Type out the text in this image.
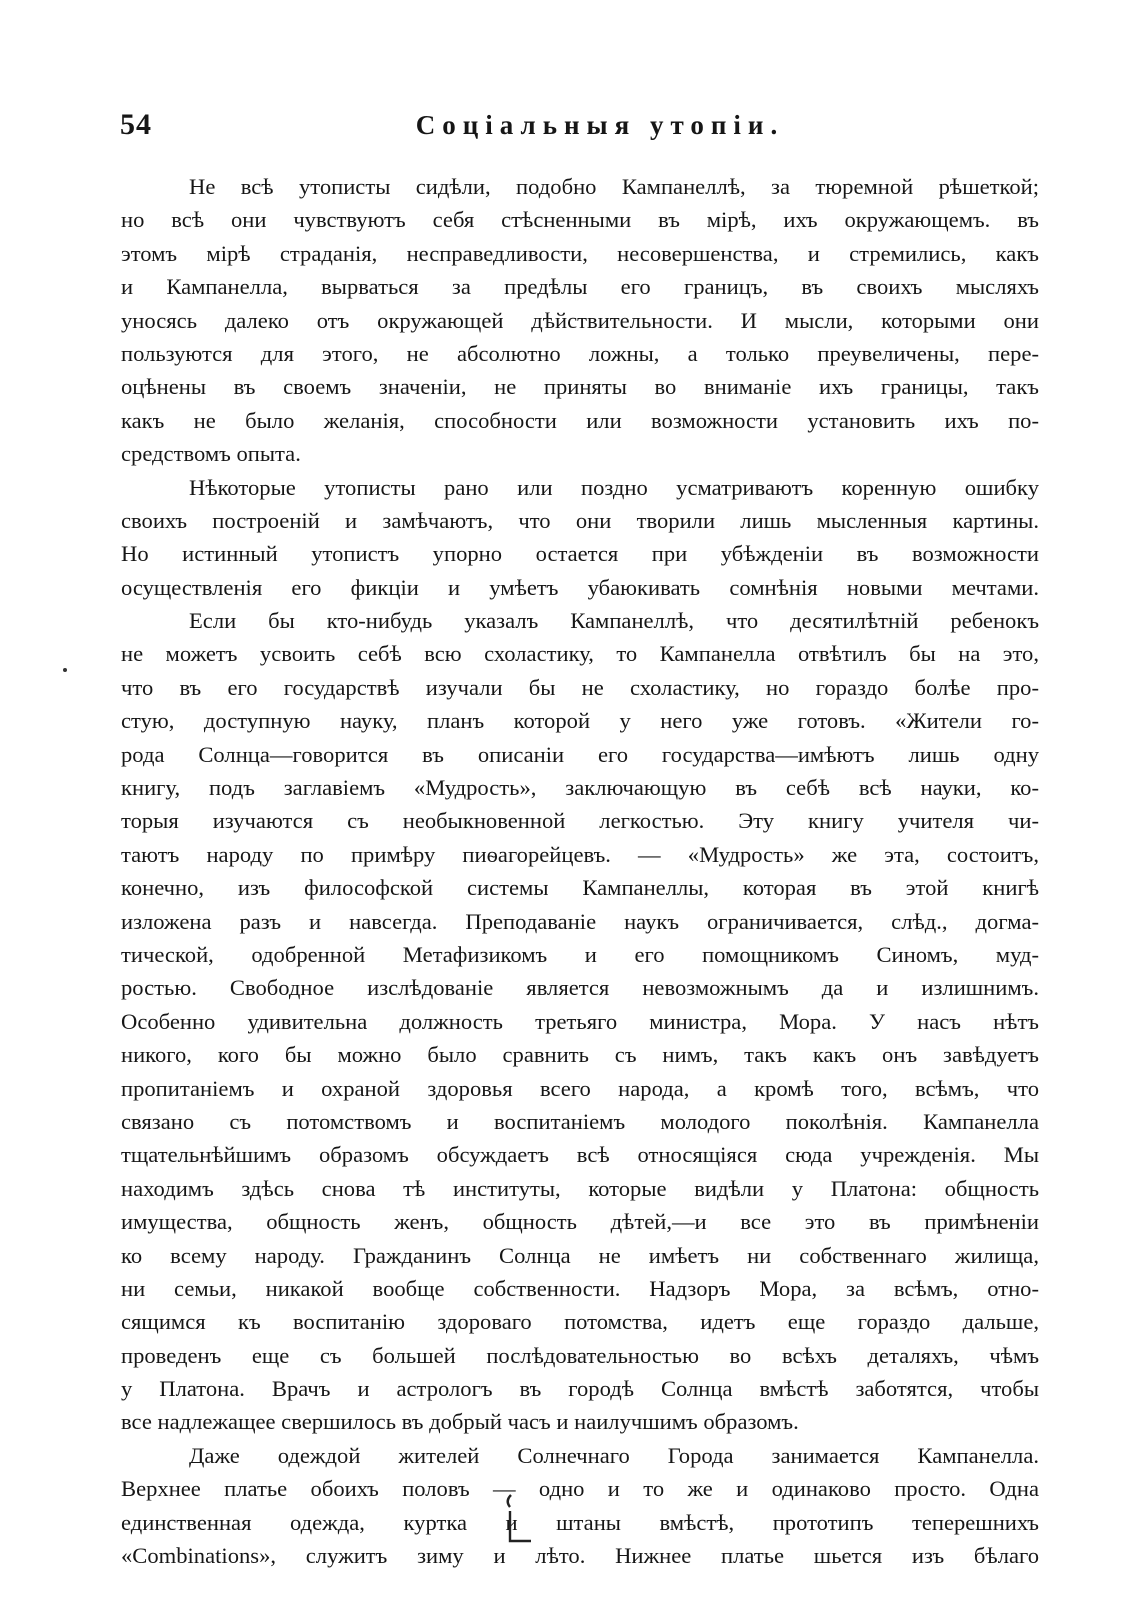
54	Соціальныя утопіи.
Не всѣ утописты сидѣли, подобно Кампанеллѣ, за тюремной рѣшеткой;
но всѣ они чувствуютъ себя стѣсненными въ мірѣ, ихъ окружающемъ. въ
этомъ мірѣ страданія, несправедливости, несовершенства, и стремились, какъ
и Кампанелла, вырваться за предѣлы его границъ, въ своихъ мысляхъ
уносясь далеко отъ окружающей дѣйствительности. И мысли, которыми они
пользуются для этого, не абсолютно ложны, а только преувеличены, пере-
оцѣнены въ своемъ значеніи, не приняты во вниманіе ихъ границы, такъ
какъ не было желанія, способности или возможности установить ихъ по-
средствомъ опыта.
Нѣкоторые утописты рано или поздно усматриваютъ коренную ошибку
своихъ построеній и замѣчаютъ, что они творили лишь мысленныя картины.
Но истинный утопистъ упорно остается при убѣжденіи въ возможности
осуществленія его фикціи и умѣетъ убаюкивать сомнѣнія новыми мечтами.
Если бы кто-нибудь указалъ Кампанеллѣ, что десятилѣтній ребенокъ
не можетъ усвоить себѣ всю схоластику, то Кампанелла отвѣтилъ бы на это,
что въ его государствѣ изучали бы не схоластику, но гораздо болѣе про-
стую, доступную науку, планъ которой у него уже готовъ. «Жители го-
рода Солнца—говорится въ описаніи его государства—имѣютъ лишь одну
книгу, подъ заглавіемъ «Мудрость», заключающую въ себѣ всѣ науки, ко-
торыя изучаются съ необыкновенной легкостью. Эту книгу учителя чи-
таютъ народу по примѣру пиѳагорейцевъ. — «Мудрость» же эта, состоитъ,
конечно, изъ философской системы Кампанеллы, которая въ этой книгѣ
изложена разъ и навсегда. Преподаваніе наукъ ограничивается, слѣд., догма-
тической, одобренной Метафизикомъ и его помощникомъ Синомъ, муд-
ростью. Свободное изслѣдованіе является невозможнымъ да и излишнимъ.
Особенно удивительна должность третьяго министра, Мора. У насъ нѣтъ
никого, кого бы можно было сравнить съ нимъ, такъ какъ онъ завѣдуетъ
пропитаніемъ и охраной здоровья всего народа, а кромѣ того, всѣмъ, что
связано съ потомствомъ и воспитаніемъ молодого поколѣнія. Кампанелла
тщательнѣйшимъ образомъ обсуждаетъ всѣ относящіяся сюда учрежденія. Мы
находимъ здѣсь снова тѣ институты, которые видѣли у Платона: общность
имущества, общность женъ, общность дѣтей,—и все это въ примѣненіи
ко всему народу. Гражданинъ Солнца не имѣетъ ни собственнаго жилища,
ни семьи, никакой вообще собственности. Надзоръ Мора, за всѣмъ, отно-
сящимся къ воспитанію здороваго потомства, идетъ еще гораздо дальше,
проведенъ еще съ большей послѣдовательностью во всѣхъ деталяхъ, чѣмъ
у Платона. Врачъ и астрологъ въ городѣ Солнца вмѣстѣ заботятся, чтобы
все надлежащее свершилось въ добрый часъ и наилучшимъ образомъ.
Даже одеждой жителей Солнечнаго Города занимается Кампанелла.
Верхнее платье обоихъ половъ — одно и то же и одинаково просто. Одна
единственная одежда, куртка и штаны вмѣстѣ, прототипъ теперешнихъ
«Combinations», служитъ зиму и лѣто. Нижнее платье шьется изъ бѣлаго
